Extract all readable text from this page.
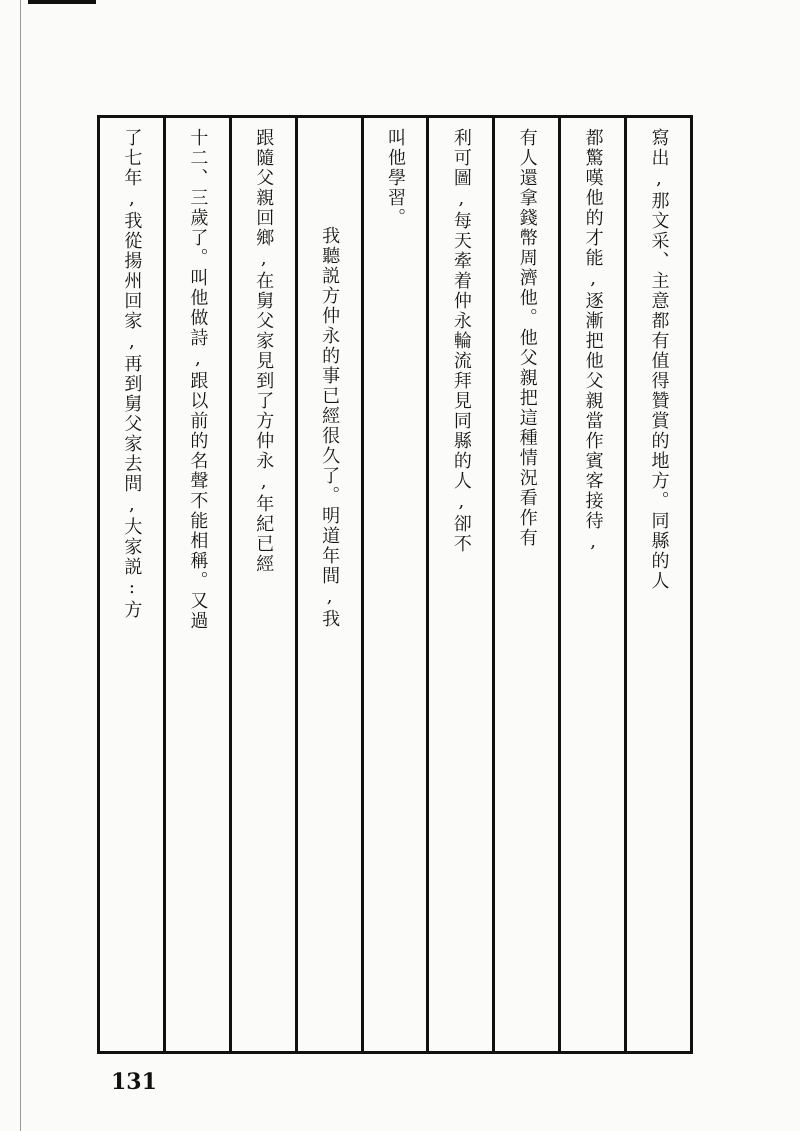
寫出,那文采、主意都有值得贊賞的地方。同縣的人
都驚嘆他的才能,逐漸把他父親當作賓客接待,
有人還拿錢幣周濟他。他父親把這種情況看作有
利可圖,每天牽着仲永輪流拜見同縣的人,卻不
叫他學習。
我聽説方仲永的事已經很久了。明道年間,我
跟隨父親回鄉,在舅父家見到了方仲永,年紀已經
十二、三歲了。叫他做詩,跟以前的名聲不能相稱。又過
了七年,我從揚州回家,再到舅父家去問,大家説:方
131
